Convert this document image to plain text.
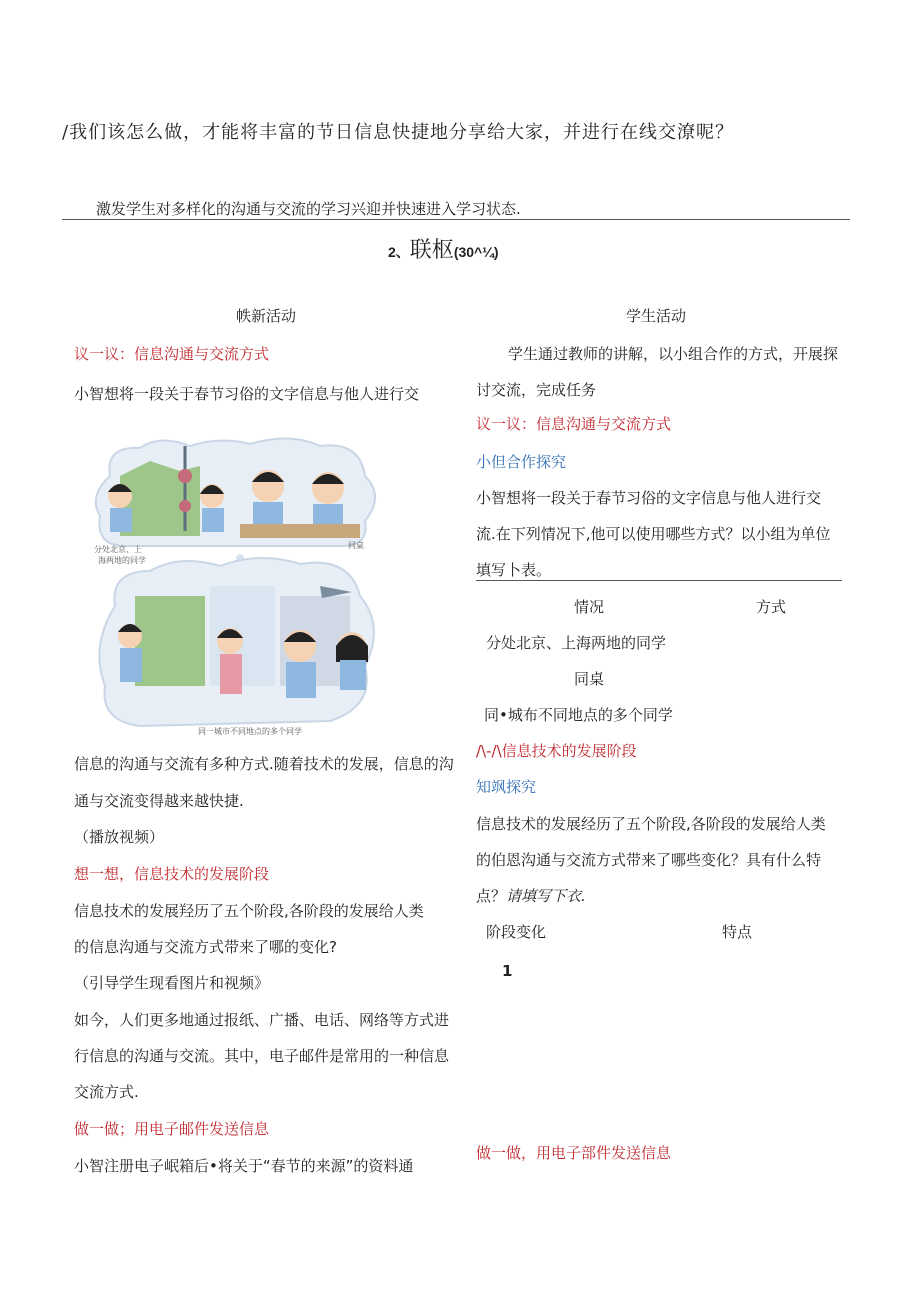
/我们该怎么做，才能将丰富的节日信息快捷地分享给大家，并进行在线交潦呢？
激发学生对多样化的沟通与交流的学习兴迎并快速进入学习状态.
2、联枢(30^¼)
帙新活动	学生活动
议一议：信息沟通与交流方式
小智想将一段关于春节习俗的文字信息与他人进行交
分处北京、上
海两地的同学
同桌
同一城市不同地点的多个同学
信息的沟通与交流有多种方式.随着技术的发展，信息的沟
通与交流变得越来越快捷.
（播放视频）
想一想，信息技术的发展阶段
信息技术的发展羟历了五个阶段,各阶段的发展给人类
的信息沟通与交流方式带来了哪的变化?
（引导学生现看图片和视频》
如今，人们更多地通过报纸、广播、电话、网络等方式进
行信息的沟通与交流。其中，电子邮件是常用的一种信息
交流方式.
做一做；用电子邮件发送信息
小智注册电子岷箱后•将关于“春节的来源”的资料通
学生通过教师的讲解，以小组合作的方式，开展探
讨交流，完成任务
议一议：信息沟通与交流方式
小但合作探究
小智想将一段关于春节习俗的文字信息与他人进行交
流.在下列情况下,他可以使用哪些方式？以小组为单位
填写卜表。
情况	方式
分处北京、上海两地的同学
同桌
同•城布不同地点的多个同学
/\-/\信息技术的发展阶段
知飒探究
信息技术的发展经历了五个阶段,各阶段的发展给人类
的伯恩沟通与交流方式带来了哪些变化？具有什么特
点？请填写下衣.
阶段变化	特点
1
做一做，用电子部件发送信息
